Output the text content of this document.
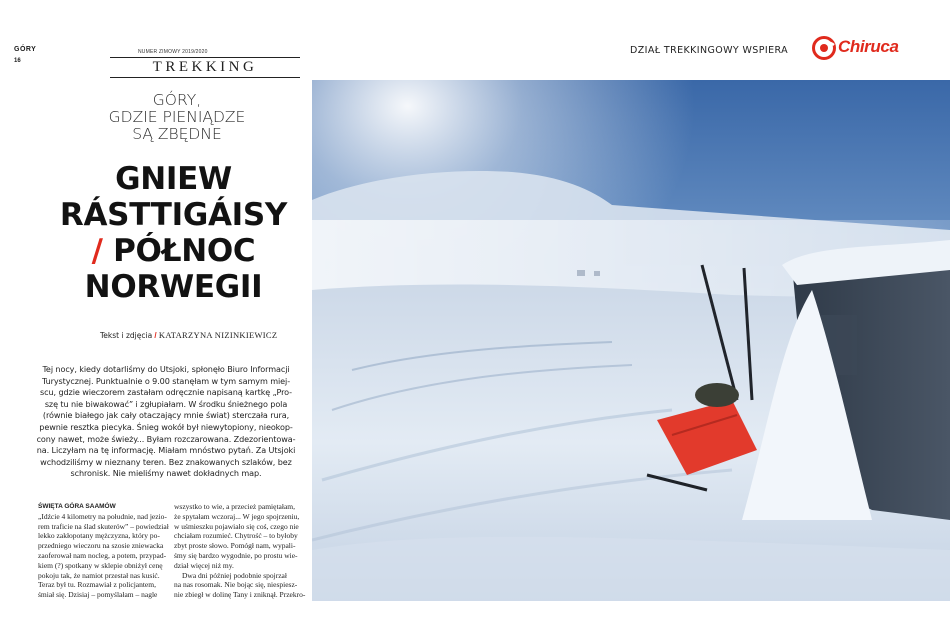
GÓRY
16
NUMER ZIMOWY 2019/2020
TREKKING
GÓRY,
GDZIE PIENIĄDZE
SĄ ZBĘDNE
GNIEW
RÁSTTIGÁISY
/ PÓŁNOC
NORWEGII
Tekst i zdjęcia / KATARZYNA NIZINKIEWICZ
Tej nocy, kiedy dotarliśmy do Utsjoki, spłonęło Biuro Informacji
Turystycznej. Punktualnie o 9.00 stanęłam w tym samym miej-
scu, gdzie wieczorem zastałam odręcznie napisaną kartkę „Pro-
szę tu nie biwakować” i zgłupiałam. W środku śnieżnego pola
(równie białego jak cały otaczający mnie świat) sterczała rura,
pewnie resztka piecyka. Śnieg wokół był niewytopiony, nieokop-
cony nawet, może świeży... Byłam rozczarowana. Zdezorientowa-
na. Liczyłam na tę informację. Miałam mnóstwo pytań. Za Utsjoki
wchodziliśmy w nieznany teren. Bez znakowanych szlaków, bez
schronisk. Nie mieliśmy nawet dokładnych map.
ŚWIĘTA GÓRA SAAMÓW
„Idźcie 4 kilometry na południe, nad jezio-
rem traficie na ślad skuterów” – powiedział
lekko zakłopotany mężczyzna, który po-
przedniego wieczoru na szosie zniewacka
zaoferował nam nocleg, a potem, przypad-
kiem (?) spotkany w sklepie obniżył cenę
pokoju tak, że namiot przestał nas kusić.
Teraz był tu. Rozmawiał z policjantem,
śmiał się. Dzisiaj – pomyślałam – nagle
wszystko to wie, a przecież pamiętałam,
że spytałam wczoraj... W jego spojrzeniu,
w uśmieszku pojawiało się coś, czego nie
chciałam rozumieć. Chytrość – to byłoby
zbyt proste słowo. Pomógł nam, wypali-
śmy się bardzo wygodnie, po prostu wie-
dział więcej niż my.
Dwa dni później podobnie spojrzał
na nas rosomak. Nie bojąc się, niespiesz-
nie zbiegł w dolinę Tany i zniknął. Przekro-
DZIAŁ TREKKINGOWY WSPIERA	Chiruca
